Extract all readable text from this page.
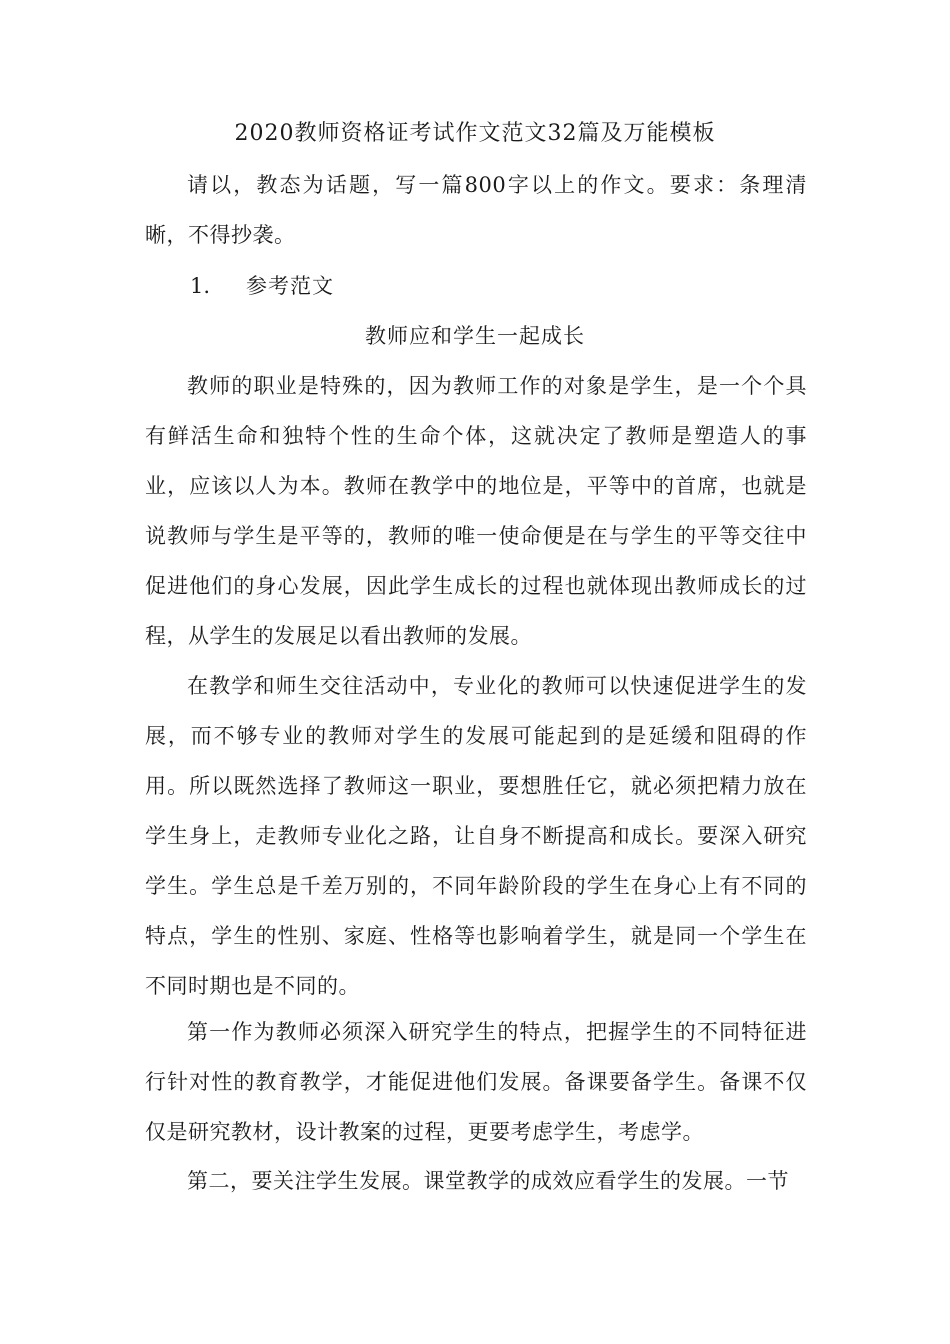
2020教师资格证考试作文范文32篇及万能模板

请以，教态为话题，写一篇800字以上的作文。要求：条理清晰，不得抄袭。

1. 参考范文
教师应和学生一起成长

教师的职业是特殊的，因为教师工作的对象是学生，是一个个具有鲜活生命和独特个性的生命个体，这就决定了教师是塑造人的事业，应该以人为本。教师在教学中的地位是，平等中的首席，也就是说教师与学生是平等的，教师的唯一使命便是在与学生的平等交往中促进他们的身心发展，因此学生成长的过程也就体现出教师成长的过程，从学生的发展足以看出教师的发展。

在教学和师生交往活动中，专业化的教师可以快速促进学生的发展，而不够专业的教师对学生的发展可能起到的是延缓和阻碍的作用。所以既然选择了教师这一职业，要想胜任它，就必须把精力放在学生身上，走教师专业化之路，让自身不断提高和成长。要深入研究学生。学生总是千差万别的，不同年龄阶段的学生在身心上有不同的特点，学生的性别、家庭、性格等也影响着学生，就是同一个学生在不同时期也是不同的。

第一作为教师必须深入研究学生的特点，把握学生的不同特征进行针对性的教育教学，才能促进他们发展。备课要备学生。备课不仅仅是研究教材，设计教案的过程，更要考虑学生，考虑学。

第二，要关注学生发展。课堂教学的成效应看学生的发展。一节
